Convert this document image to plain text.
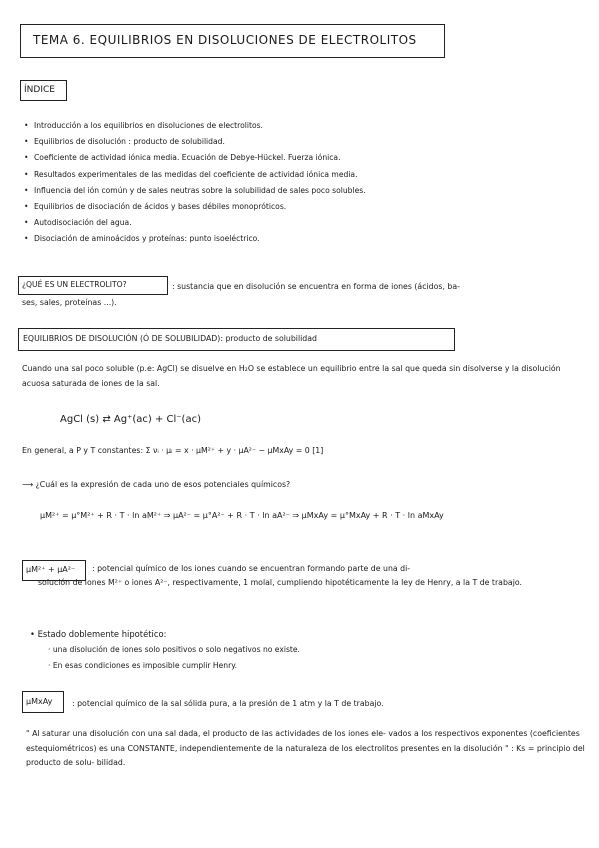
TEMA 6. EQUILIBRIOS EN DISOLUCIONES DE ELECTROLITOS
ÍNDICE
• Introducción a los equilibrios en disoluciones de electrolitos.
• Equilibrios de disolución : producto de solubilidad.
• Coeficiente de actividad iónica media. Ecuación de Debye-Hückel. Fuerza iónica.
• Resultados experimentales de las medidas del coeficiente de actividad iónica media.
• Influencia del ión común y de sales neutras sobre la solubilidad de sales poco solubles.
• Equilibrios de disociación de ácidos y bases débiles monopróticos.
• Autodisociación del agua.
• Disociación de aminoácidos y proteínas: punto isoeléctrico.
¿QUÉ ES UN ELECTROLITO?	: sustancia que en disolución se encuentra en forma de iones (ácidos, ba-

ses, sales, proteínas ...).

EQUILIBRIOS DE DISOLUCIÓN (Ó DE SOLUBILIDAD): producto de solubilidad

Cuando una sal poco soluble (p.e: AgCl) se disuelve en H₂O se establece un equilibrio entre la sal que queda sin disolverse y la disolución acuosa saturada de iones de la sal.

AgCl (s) ⇄ Ag⁺(ac) + Cl⁻(ac)

En general, a P y T constantes: Σ νᵢ · μᵢ = x · μM²⁺ + y · μA²⁻ − μMxAy = 0 [1]

⟶ ¿Cuál es la expresión de cada uno de esos potenciales químicos?

μM²⁺ = μ°M²⁺ + R · T · ln aM²⁺ ⇒ μA²⁻ = μ°A²⁻ + R · T · ln aA²⁻ ⇒ μMxAy = μ°MxAy + R · T · ln aMxAy
μM²⁺ + μA²⁻	: potencial químico de los iones cuando se encuentran formando parte de una di-

solución de iones M²⁺ o iones A²⁻, respectivamente, 1 molal, cumpliendo hipotéticamente la ley de Henry, a la T de trabajo.

• Estado doblemente hipotético:
· una disolución de iones solo positivos o solo negativos no existe.
· En esas condiciones es imposible cumplir Henry.
μMxAy	: potencial químico de la sal sólida pura, a la presión de 1 atm y la T de trabajo.

" Al saturar una disolución con una sal dada, el producto de las actividades de los iones ele- vados a los respectivos exponentes (coeficientes estequiométricos) es una CONSTANTE, independientemente de la naturaleza de los electrolitos presentes en la disolución " : Ks = principio del producto de solu- bilidad.
